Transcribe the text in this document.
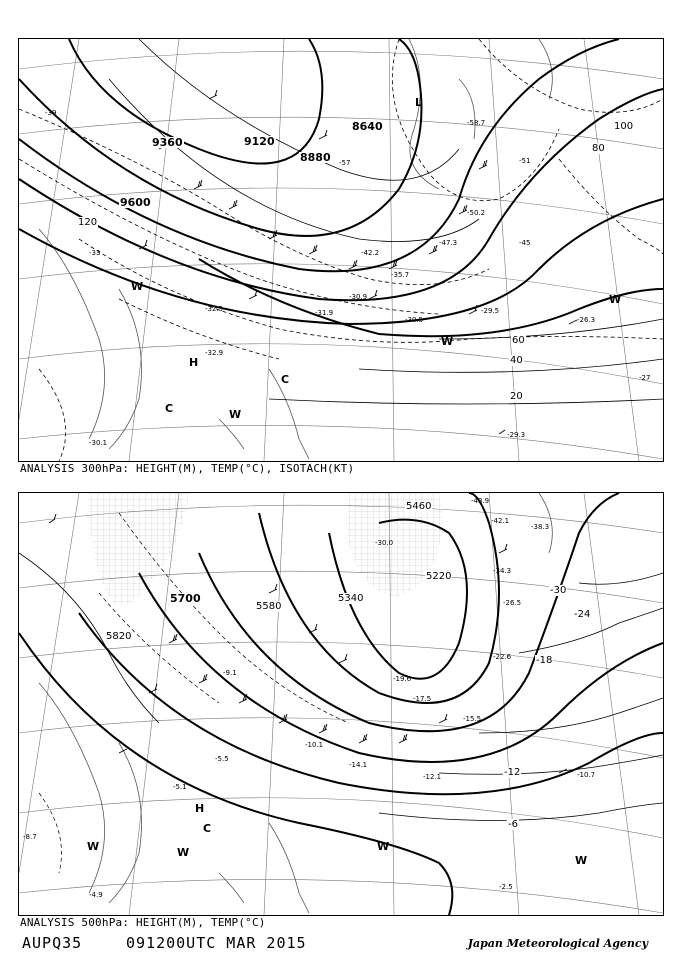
9360	9120
8880
8640
9600
20
40
60
80
100
120
-39
-45
-51
-57
-33
-27
-29.5
-26.3
-30.5
-31.9
-32.5
-32.9
-35.7
-42.2
-47.3
-50.2
-58.7
-30.9
-29.3
-30.1
H
L
C
C
W
W
W
W
ANALYSIS 300hPa: HEIGHT(M), TEMP(°C), ISOTACH(KT)
5700
5580
5820
5340
5220
5460
-30
-24
-18
-12
-6
-43.9
-42.1
-38.3
-34.3
-30.0
-26.5
-22.6
-19.6
-17.5
-15.5
-12.1	-10.7
-10.1
-5.5
-4.9
-2.5
-5.1
-14.1
-9.1
-8.7
H
C
W	W	W
W
ANALYSIS 500hPa: HEIGHT(M), TEMP(°C)
AUPQ35	091200UTC MAR 2015	Japan Meteorological Agency
